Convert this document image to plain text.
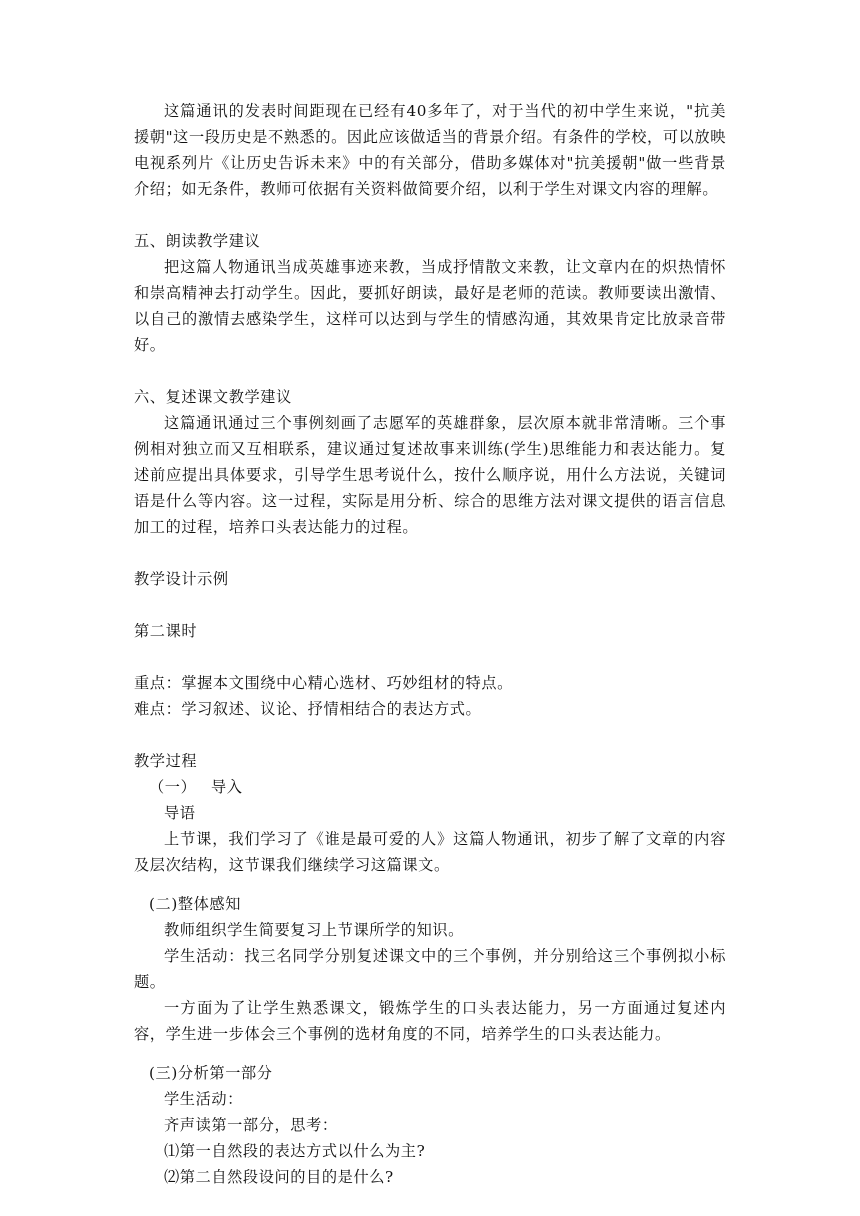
这篇通讯的发表时间距现在已经有40多年了，对于当代的初中学生来说，"抗美援朝"这一段历史是不熟悉的。因此应该做适当的背景介绍。有条件的学校，可以放映电视系列片《让历史告诉未来》中的有关部分，借助多媒体对"抗美援朝"做一些背景介绍；如无条件，教师可依据有关资料做简要介绍，以利于学生对课文内容的理解。

五、朗读教学建议

把这篇人物通讯当成英雄事迹来教，当成抒情散文来教，让文章内在的炽热情怀和崇高精神去打动学生。因此，要抓好朗读，最好是老师的范读。教师要读出激情、以自己的激情去感染学生，这样可以达到与学生的情感沟通，其效果肯定比放录音带好。

六、复述课文教学建议

这篇通讯通过三个事例刻画了志愿军的英雄群象，层次原本就非常清晰。三个事例相对独立而又互相联系，建议通过复述故事来训练(学生)思维能力和表达能力。复述前应提出具体要求，引导学生思考说什么，按什么顺序说，用什么方法说，关键词语是什么等内容。这一过程，实际是用分析、综合的思维方法对课文提供的语言信息加工的过程，培养口头表达能力的过程。

教学设计示例

第二课时

重点：掌握本文围绕中心精心选材、巧妙组材的特点。

难点：学习叙述、议论、抒情相结合的表达方式。

教学过程

（一） 导入

导语

上节课，我们学习了《谁是最可爱的人》这篇人物通讯，初步了解了文章的内容及层次结构，这节课我们继续学习这篇课文。

(二)整体感知

教师组织学生简要复习上节课所学的知识。

学生活动：找三名同学分别复述课文中的三个事例，并分别给这三个事例拟小标题。

一方面为了让学生熟悉课文，锻炼学生的口头表达能力，另一方面通过复述内容，学生进一步体会三个事例的选材角度的不同，培养学生的口头表达能力。

(三)分析第一部分

学生活动：

齐声读第一部分，思考：

⑴第一自然段的表达方式以什么为主?

⑵第二自然段设问的目的是什么?
